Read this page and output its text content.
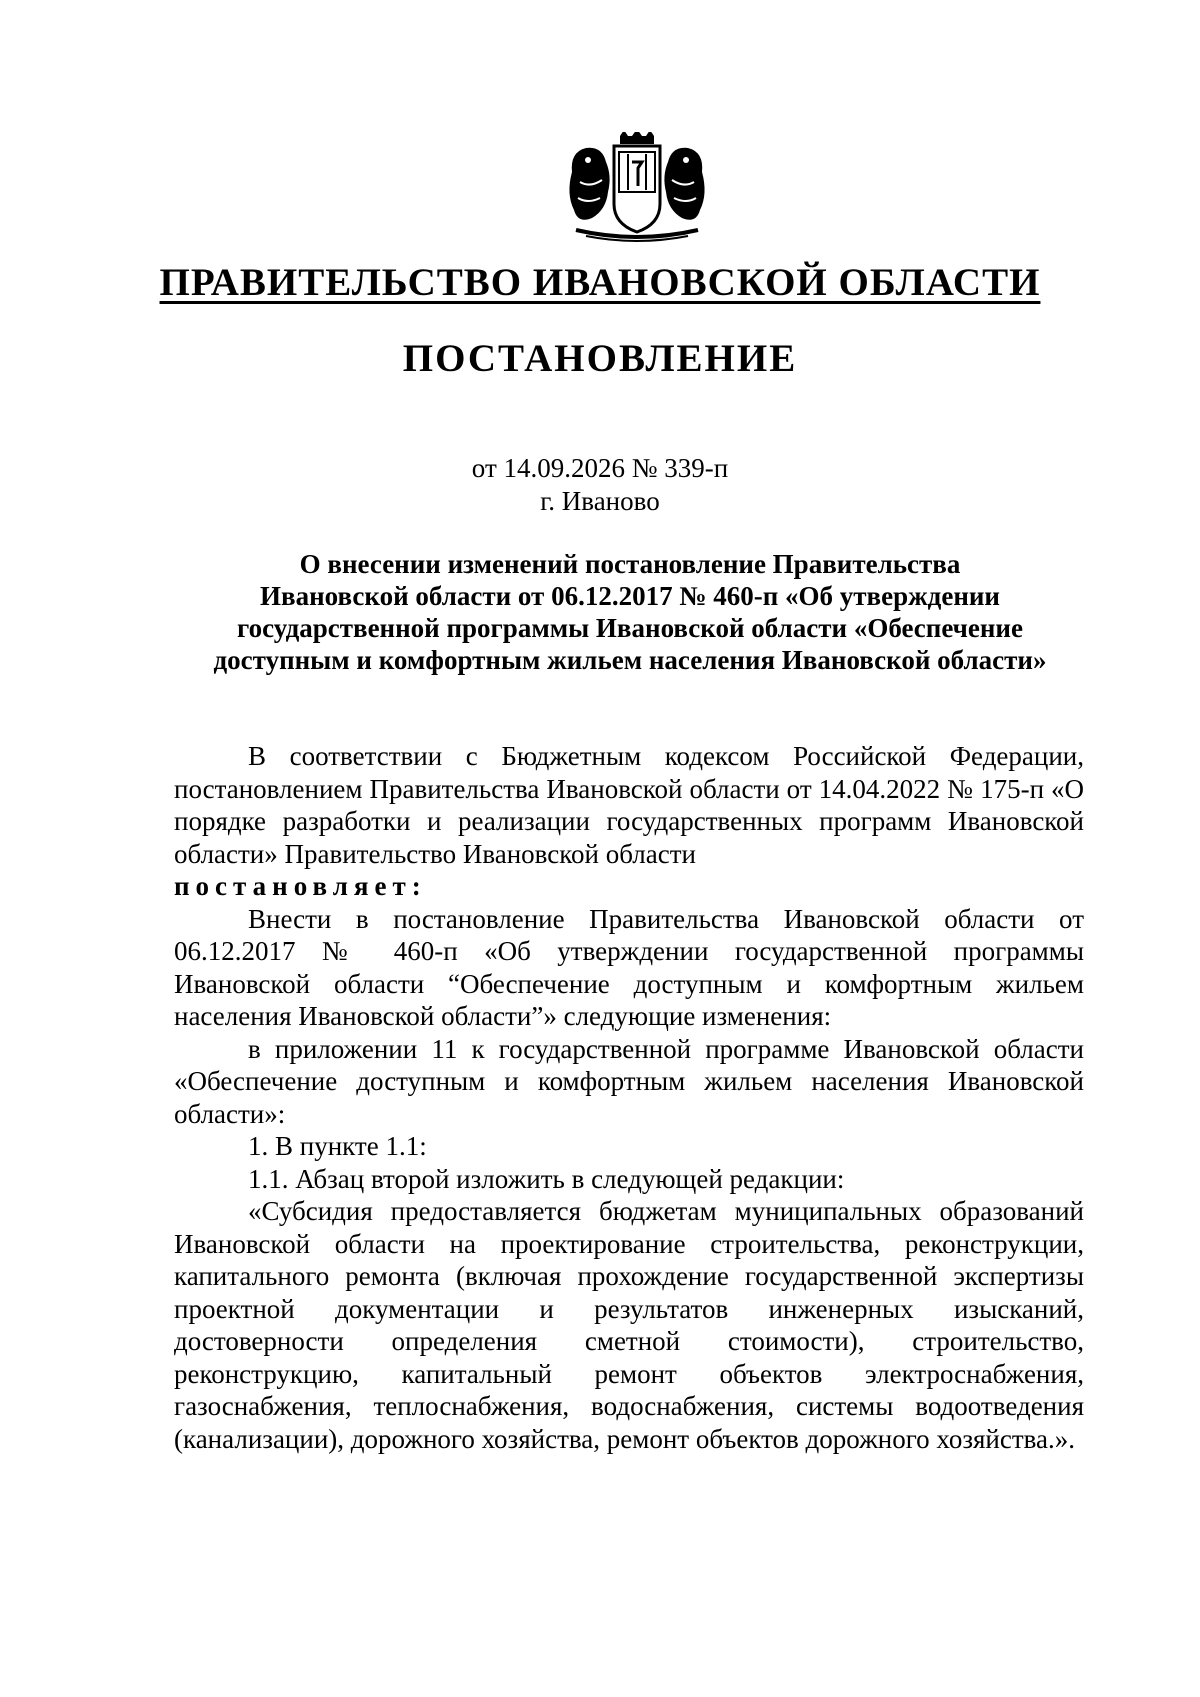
ПРАВИТЕЛЬСТВО ИВАНОВСКОЙ ОБЛАСТИ
ПОСТАНОВЛЕНИЕ
от 14.09.2026 № 339-п
г. Иваново
О внесении изменений постановление Правительства
Ивановской области от 06.12.2017 № 460-п «Об утверждении
государственной программы Ивановской области «Обеспечение
доступным и комфортным жильем населения Ивановской области»

В соответствии с Бюджетным кодексом Российской Федерации, постановлением Правительства Ивановской области от 14.04.2022 № 175-п «О порядке разработки и реализации государственных программ Ивановской области» Правительство Ивановской области

постановляет:

Внести в постановление Правительства Ивановской области от 06.12.2017 № 460-п «Об утверждении государственной программы Ивановской области “Обеспечение доступным и комфортным жильем населения Ивановской области”» следующие изменения:

в приложении 11 к государственной программе Ивановской области «Обеспечение доступным и комфортным жильем населения Ивановской области»:

1. В пункте 1.1:

1.1. Абзац второй изложить в следующей редакции:

«Субсидия предоставляется бюджетам муниципальных образований Ивановской области на проектирование строительства, реконструкции, капитального ремонта (включая прохождение государственной экспертизы проектной документации и результатов инженерных изысканий, достоверности определения сметной стоимости), строительство, реконструкцию, капитальный ремонт объектов электроснабжения, газоснабжения, теплоснабжения, водоснабжения, системы водоотведения (канализации), дорожного хозяйства, ремонт объектов дорожного хозяйства.».
